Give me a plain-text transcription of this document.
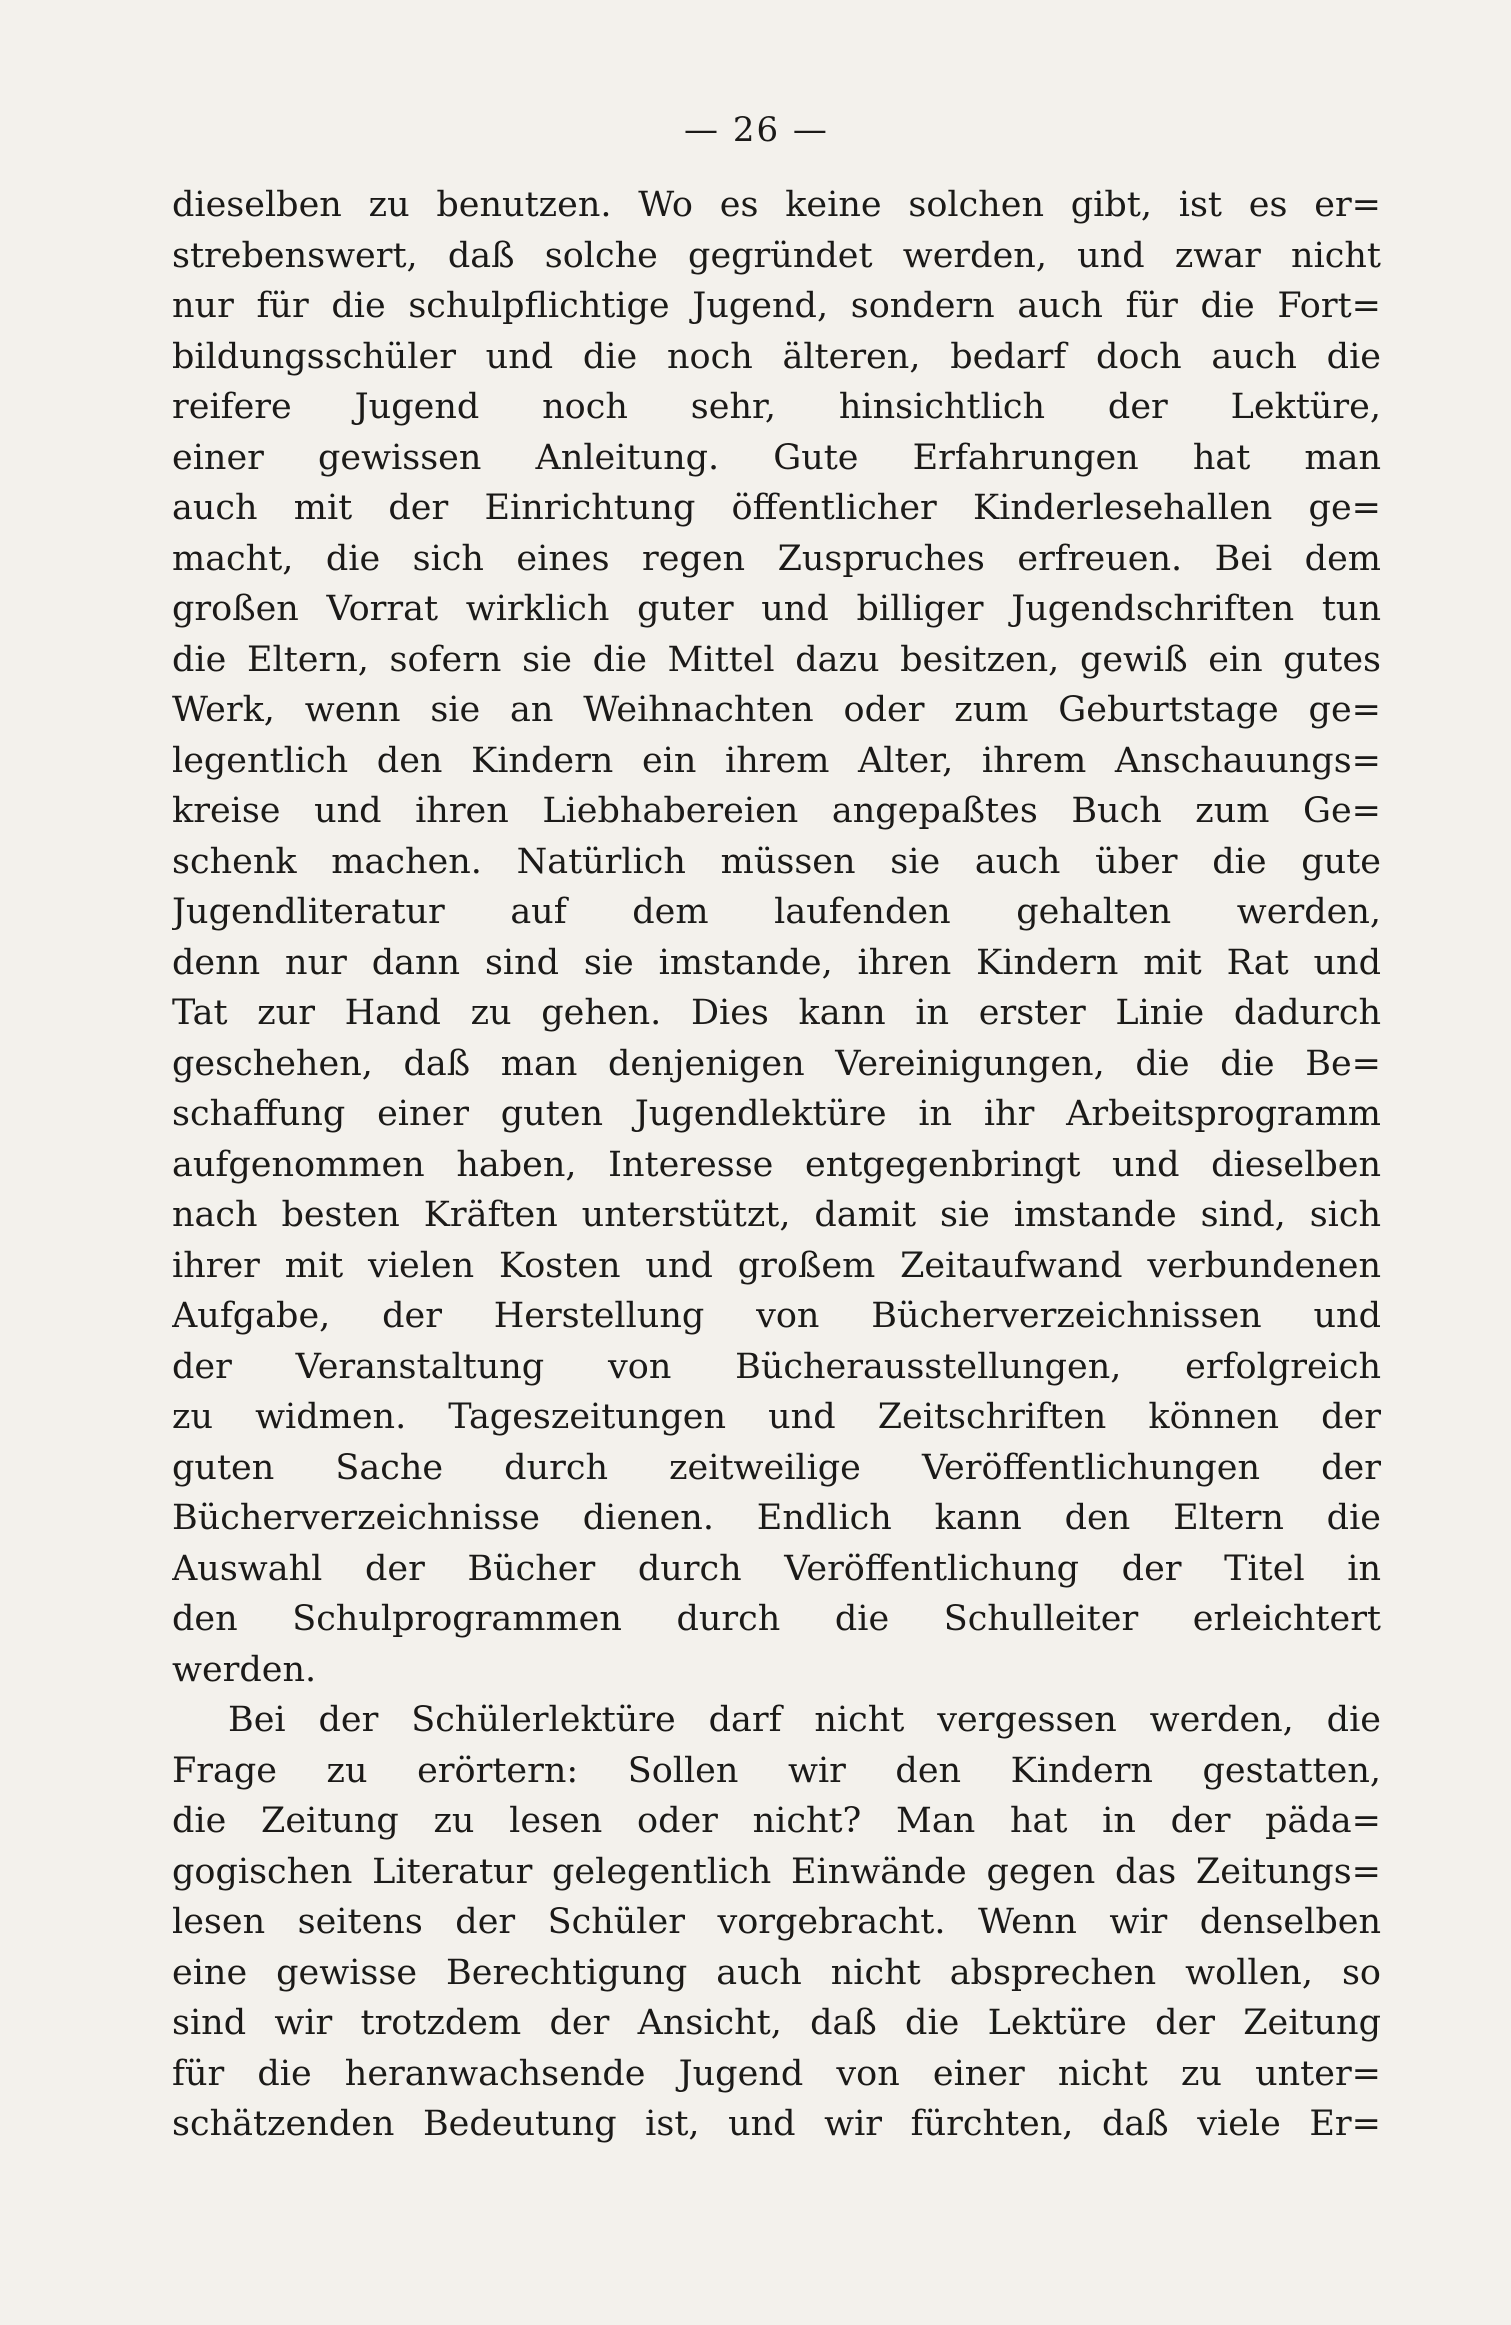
— 26 —
dieselben zu benutzen. Wo es keine solchen gibt, ist es er=
strebenswert, daß solche gegründet werden, und zwar nicht
nur für die schulpflichtige Jugend, sondern auch für die Fort=
bildungsschüler und die noch älteren, bedarf doch auch die
reifere Jugend noch sehr, hinsichtlich der Lektüre,
einer gewissen Anleitung. Gute Erfahrungen hat man
auch mit der Einrichtung öffentlicher Kinderlesehallen ge=
macht, die sich eines regen Zuspruches erfreuen. Bei dem
großen Vorrat wirklich guter und billiger Jugendschriften tun
die Eltern, sofern sie die Mittel dazu besitzen, gewiß ein gutes
Werk, wenn sie an Weihnachten oder zum Geburtstage ge=
legentlich den Kindern ein ihrem Alter, ihrem Anschauungs=
kreise und ihren Liebhabereien angepaßtes Buch zum Ge=
schenk machen. Natürlich müssen sie auch über die gute
Jugendliteratur auf dem laufenden gehalten werden,
denn nur dann sind sie imstande, ihren Kindern mit Rat und
Tat zur Hand zu gehen. Dies kann in erster Linie dadurch
geschehen, daß man denjenigen Vereinigungen, die die Be=
schaffung einer guten Jugendlektüre in ihr Arbeitsprogramm
aufgenommen haben, Interesse entgegenbringt und dieselben
nach besten Kräften unterstützt, damit sie imstande sind, sich
ihrer mit vielen Kosten und großem Zeitaufwand verbundenen
Aufgabe, der Herstellung von Bücherverzeichnissen und
der Veranstaltung von Bücherausstellungen, erfolgreich
zu widmen. Tageszeitungen und Zeitschriften können der
guten Sache durch zeitweilige Veröffentlichungen der
Bücherverzeichnisse dienen. Endlich kann den Eltern die
Auswahl der Bücher durch Veröffentlichung der Titel in
den Schulprogrammen durch die Schulleiter erleichtert
werden.
Bei der Schülerlektüre darf nicht vergessen werden, die
Frage zu erörtern: Sollen wir den Kindern gestatten,
die Zeitung zu lesen oder nicht? Man hat in der päda=
gogischen Literatur gelegentlich Einwände gegen das Zeitungs=
lesen seitens der Schüler vorgebracht. Wenn wir denselben
eine gewisse Berechtigung auch nicht absprechen wollen, so
sind wir trotzdem der Ansicht, daß die Lektüre der Zeitung
für die heranwachsende Jugend von einer nicht zu unter=
schätzenden Bedeutung ist, und wir fürchten, daß viele Er=
